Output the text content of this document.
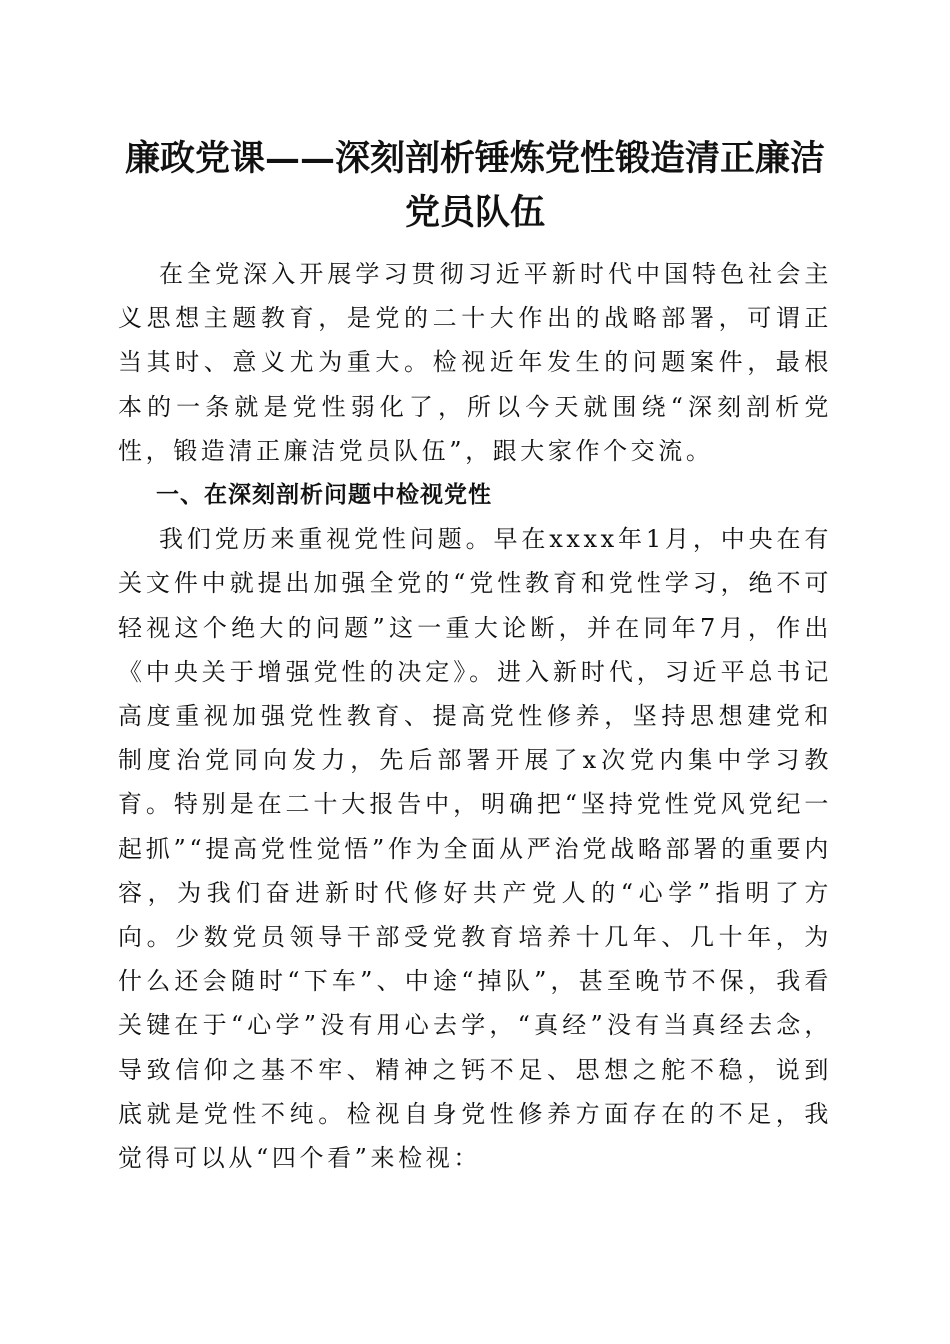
廉政党课——深刻剖析锤炼党性锻造清正廉洁
党员队伍

在全党深入开展学习贯彻习近平新时代中国特色社会主义思想主题教育，是党的二十大作出的战略部署，可谓正当其时、意义尤为重大。检视近年发生的问题案件，最根本的一条就是党性弱化了，所以今天就围绕“深刻剖析党性，锻造清正廉洁党员队伍”，跟大家作个交流。

一、在深刻剖析问题中检视党性

我们党历来重视党性问题。早在xxxx年1月，中央在有关文件中就提出加强全党的“党性教育和党性学习，绝不可轻视这个绝大的问题”这一重大论断，并在同年7月，作出《中央关于增强党性的决定》。进入新时代，习近平总书记高度重视加强党性教育、提高党性修养，坚持思想建党和制度治党同向发力，先后部署开展了x次党内集中学习教育。特别是在二十大报告中，明确把“坚持党性党风党纪一起抓”“提高党性觉悟”作为全面从严治党战略部署的重要内容，为我们奋进新时代修好共产党人的“心学”指明了方向。少数党员领导干部受党教育培养十几年、几十年，为什么还会随时“下车”、中途“掉队”，甚至晚节不保，我看关键在于“心学”没有用心去学，“真经”没有当真经去念，导致信仰之基不牢、精神之钙不足、思想之舵不稳，说到底就是党性不纯。检视自身党性修养方面存在的不足，我觉得可以从“四个看”来检视：
